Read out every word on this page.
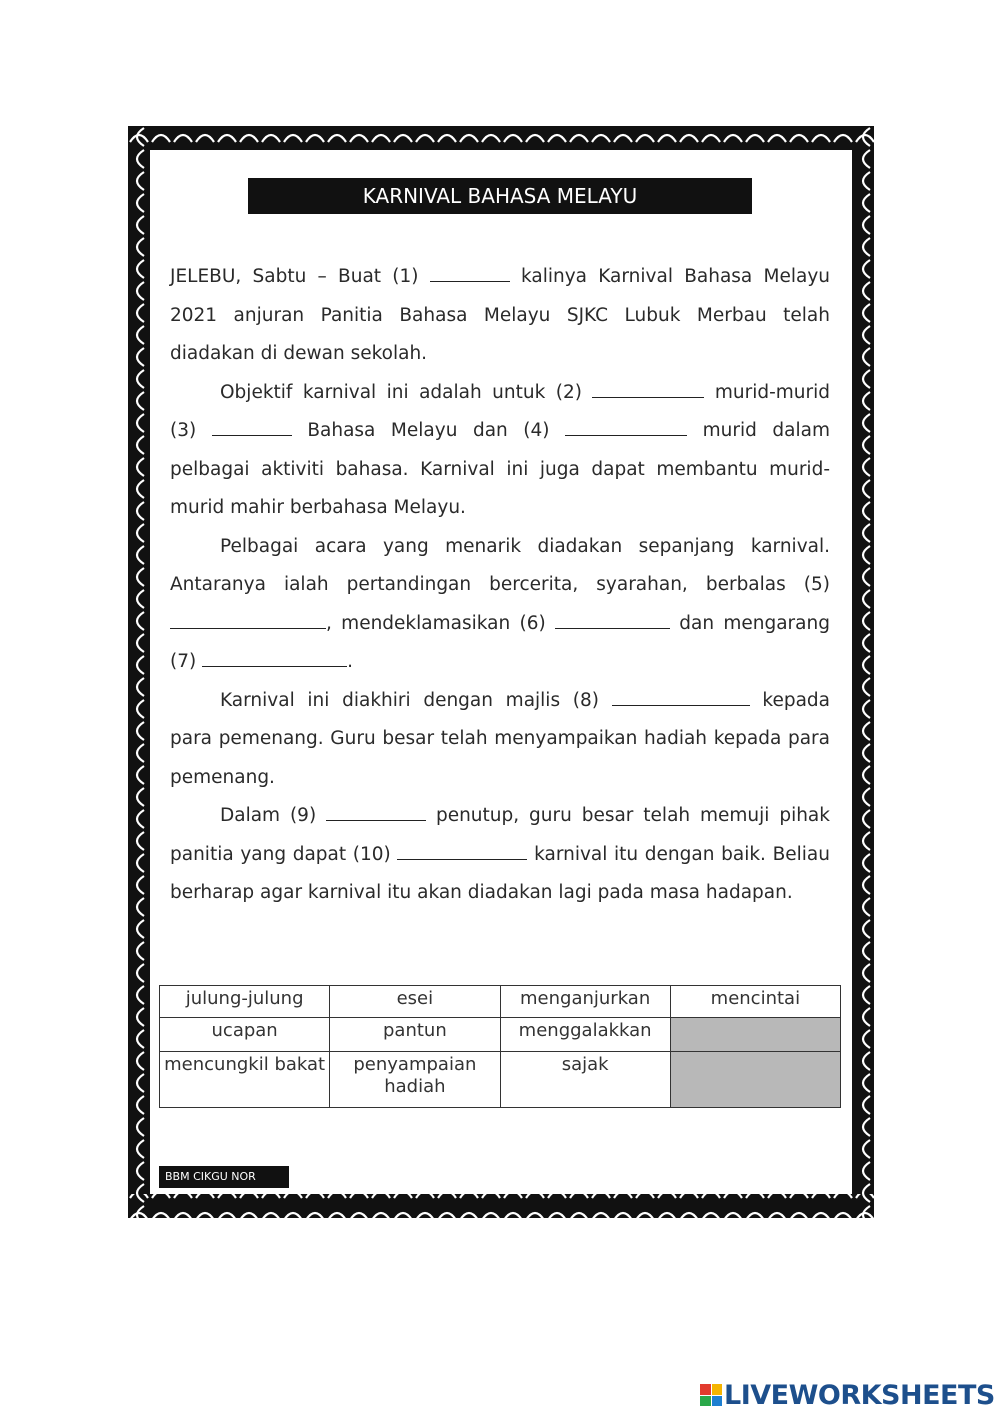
KARNIVAL BAHASA MELAYU

JELEBU, Sabtu – Buat (1)	kalinya Karnival Bahasa Melayu 2021 anjuran Panitia Bahasa Melayu SJKC Lubuk Merbau telah diadakan di dewan sekolah.

Objektif karnival ini adalah untuk (2)	murid-murid (3)	Bahasa Melayu dan (4)	murid dalam pelbagai aktiviti bahasa. Karnival ini juga dapat membantu murid-murid mahir berbahasa Melayu.

Pelbagai acara yang menarik diadakan sepanjang karnival. Antaranya ialah pertandingan bercerita, syarahan, berbalas (5) , mendeklamasikan (6)	dan mengarang (7)	.

Karnival ini diakhiri dengan majlis (8)	kepada para pemenang. Guru besar telah menyampaikan hadiah kepada para pemenang.

Dalam (9)	penutup, guru besar telah memuji pihak panitia yang dapat (10)	karnival itu dengan baik. Beliau berharap agar karnival itu akan diadakan lagi pada masa hadapan.

julung-julung	esei	menganjurkan	mencintai
ucapan	pantun	menggalakkan	
mencungkil bakat	penyampaian hadiah	sajak	
BBM CIKGU NOR
LIVEWORKSHEETS
